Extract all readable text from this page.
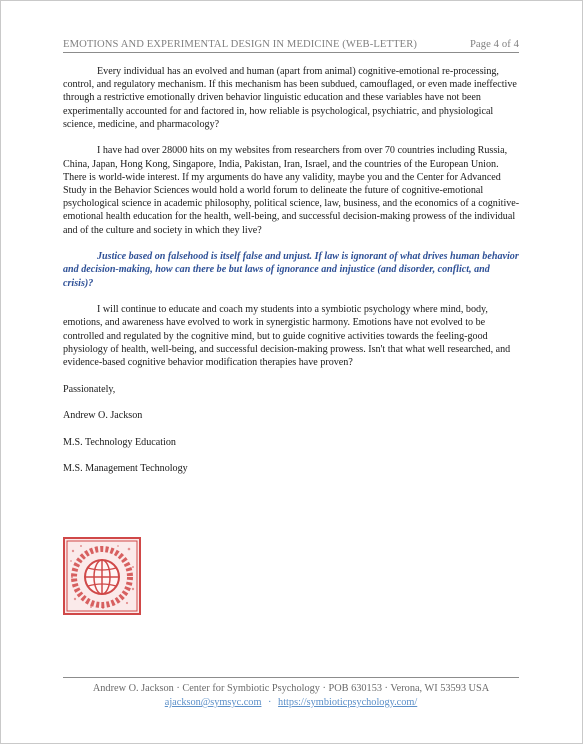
EMOTIONS AND EXPERIMENTAL DESIGN IN MEDICINE (WEB-LETTER)	Page 4 of 4

Every individual has an evolved and human (apart from animal) cognitive-emotional re-processing, control, and regulatory mechanism. If this mechanism has been subdued, camouflaged, or even made ineffective through a restrictive emotionally driven behavior linguistic education and these variables have not been experimentally accounted for and factored in, how reliable is psychological, psychiatric, and physiological science, medicine, and pharmacology?

I have had over 28000 hits on my websites from researchers from over 70 countries including Russia, China, Japan, Hong Kong, Singapore, India, Pakistan, Iran, Israel, and the countries of the European Union. There is world-wide interest. If my arguments do have any validity, maybe you and the Center for Advanced Study in the Behavior Sciences would hold a world forum to delineate the future of cognitive-emotional psychological science in academic philosophy, political science, law, business, and the economics of a cognitive-emotional health education for the health, well-being, and successful decision-making prowess of the individual and of the culture and society in which they live?

Justice based on falsehood is itself false and unjust. If law is ignorant of what drives human behavior and decision-making, how can there be but laws of ignorance and injustice (and disorder, conflict, and crisis)?

I will continue to educate and coach my students into a symbiotic psychology where mind, body, emotions, and awareness have evolved to work in synergistic harmony. Emotions have not evolved to be controlled and regulated by the cognitive mind, but to guide cognitive activities towards the feeling-good physiology of health, well-being, and successful decision-making prowess. Isn't that what well researched, and evidence-based cognitive behavior modification therapies have proven?

Passionately,

Andrew O. Jackson

M.S. Technology Education

M.S. Management Technology

Andrew O. Jackson · Center for Symbiotic Psychology · POB 630153 · Verona, WI 53593 USA
ajackson@symsyc.com · https://symbioticpsychology.com/
